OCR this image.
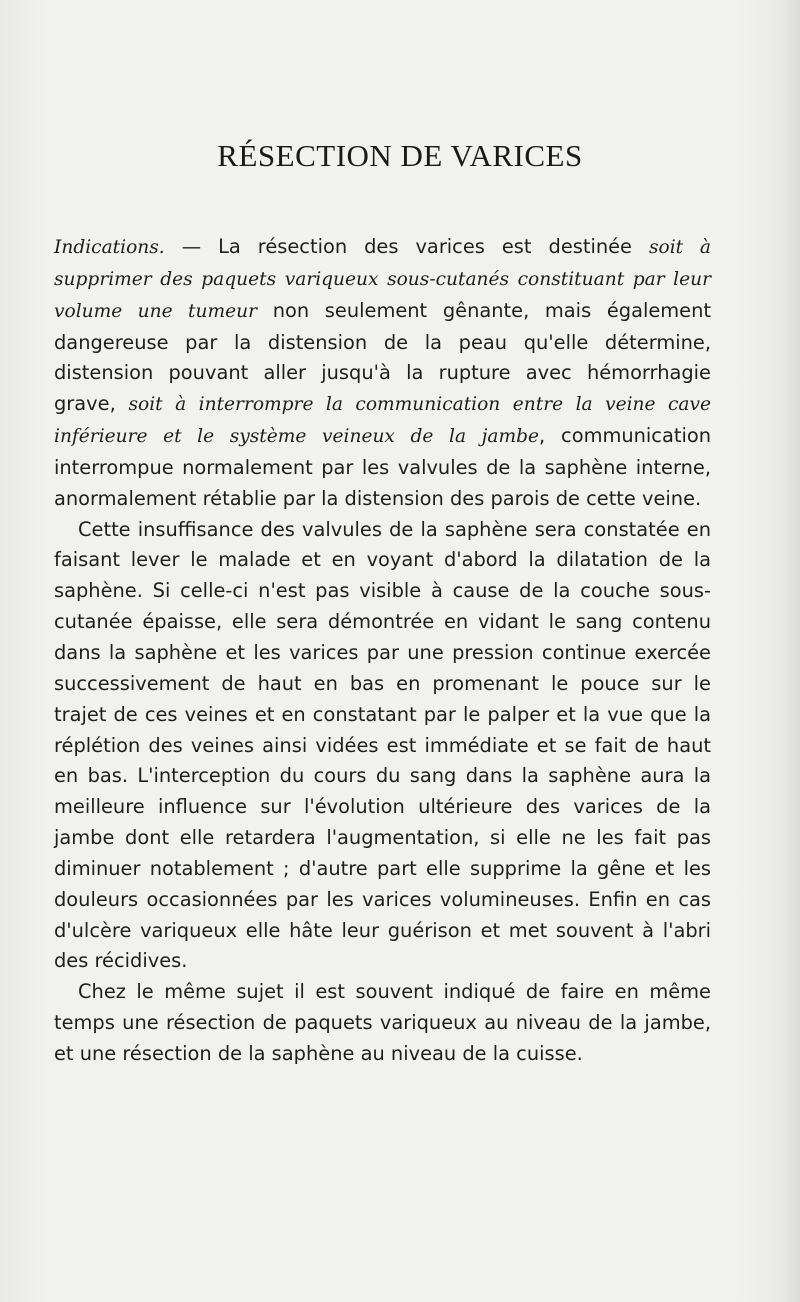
RÉSECTION DE VARICES

Indications. — La résection des varices est destinée soit à supprimer des paquets variqueux sous-cutanés constituant par leur volume une tumeur non seulement gênante, mais également dangereuse par la distension de la peau qu'elle détermine, distension pouvant aller jusqu'à la rupture avec hémorrhagie grave, soit à interrompre la communication entre la veine cave inférieure et le système veineux de la jambe, communication interrompue normalement par les valvules de la saphène interne, anormalement rétablie par la distension des parois de cette veine.

Cette insuffisance des valvules de la saphène sera constatée en faisant lever le malade et en voyant d'abord la dilatation de la saphène. Si celle-ci n'est pas visible à cause de la couche sous-cutanée épaisse, elle sera démontrée en vidant le sang contenu dans la saphène et les varices par une pression continue exercée successivement de haut en bas en promenant le pouce sur le trajet de ces veines et en constatant par le palper et la vue que la réplétion des veines ainsi vidées est immédiate et se fait de haut en bas. L'interception du cours du sang dans la saphène aura la meilleure influence sur l'évolution ultérieure des varices de la jambe dont elle retardera l'augmentation, si elle ne les fait pas diminuer notablement ; d'autre part elle supprime la gêne et les douleurs occasionnées par les varices volumineuses. Enfin en cas d'ulcère variqueux elle hâte leur guérison et met souvent à l'abri des récidives.

Chez le même sujet il est souvent indiqué de faire en même temps une résection de paquets variqueux au niveau de la jambe, et une résection de la saphène au niveau de la cuisse.
